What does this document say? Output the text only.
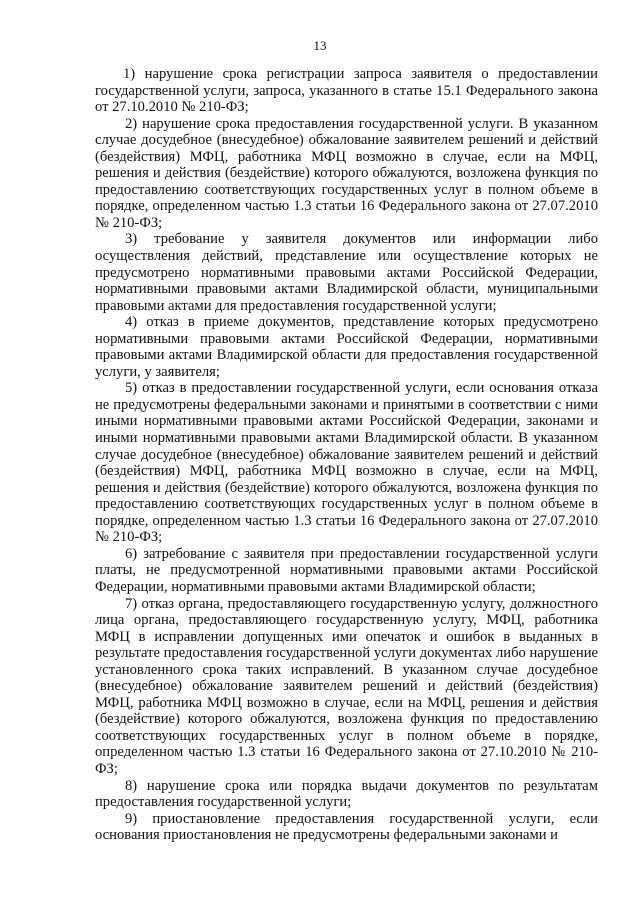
13

1) нарушение срока регистрации запроса заявителя о предоставлении государственной услуги, запроса, указанного в статье 15.1 Федерального закона от 27.10.2010 № 210-ФЗ;

2) нарушение срока предоставления государственной услуги. В указанном случае досудебное (внесудебное) обжалование заявителем решений и действий (бездействия) МФЦ, работника МФЦ возможно в случае, если на МФЦ, решения и действия (бездействие) которого обжалуются, возложена функция по предоставлению соответствующих государственных услуг в полном объеме в порядке, определенном частью 1.3 статьи 16 Федерального закона от 27.07.2010 № 210-ФЗ;

3) требование у заявителя документов или информации либо осуществления действий, представление или осуществление которых не предусмотрено нормативными правовыми актами Российской Федерации, нормативными правовыми актами Владимирской области, муниципальными правовыми актами для предоставления государственной услуги;

4) отказ в приеме документов, представление которых предусмотрено нормативными правовыми актами Российской Федерации, нормативными правовыми актами Владимирской области для предоставления государственной услуги, у заявителя;

5) отказ в предоставлении государственной услуги, если основания отказа не предусмотрены федеральными законами и принятыми в соответствии с ними иными нормативными правовыми актами Российской Федерации, законами и иными нормативными правовыми актами Владимирской области. В указанном случае досудебное (внесудебное) обжалование заявителем решений и действий (бездействия) МФЦ, работника МФЦ возможно в случае, если на МФЦ, решения и действия (бездействие) которого обжалуются, возложена функция по предоставлению соответствующих государственных услуг в полном объеме в порядке, определенном частью 1.3 статьи 16 Федерального закона от 27.07.2010 № 210-ФЗ;

6) затребование с заявителя при предоставлении государственной услуги платы, не предусмотренной нормативными правовыми актами Российской Федерации, нормативными правовыми актами Владимирской области;

7) отказ органа, предоставляющего государственную услугу, должностного лица органа, предоставляющего государственную услугу, МФЦ, работника МФЦ в исправлении допущенных ими опечаток и ошибок в выданных в результате предоставления государственной услуги документах либо нарушение установленного срока таких исправлений. В указанном случае досудебное (внесудебное) обжалование заявителем решений и действий (бездействия) МФЦ, работника МФЦ возможно в случае, если на МФЦ, решения и действия (бездействие) которого обжалуются, возложена функция по предоставлению соответствующих государственных услуг в полном объеме в порядке, определенном частью 1.3 статьи 16 Федерального закона от 27.10.2010 № 210-ФЗ;

8) нарушение срока или порядка выдачи документов по результатам предоставления государственной услуги;

9) приостановление предоставления государственной услуги, если основания приостановления не предусмотрены федеральными законами и
